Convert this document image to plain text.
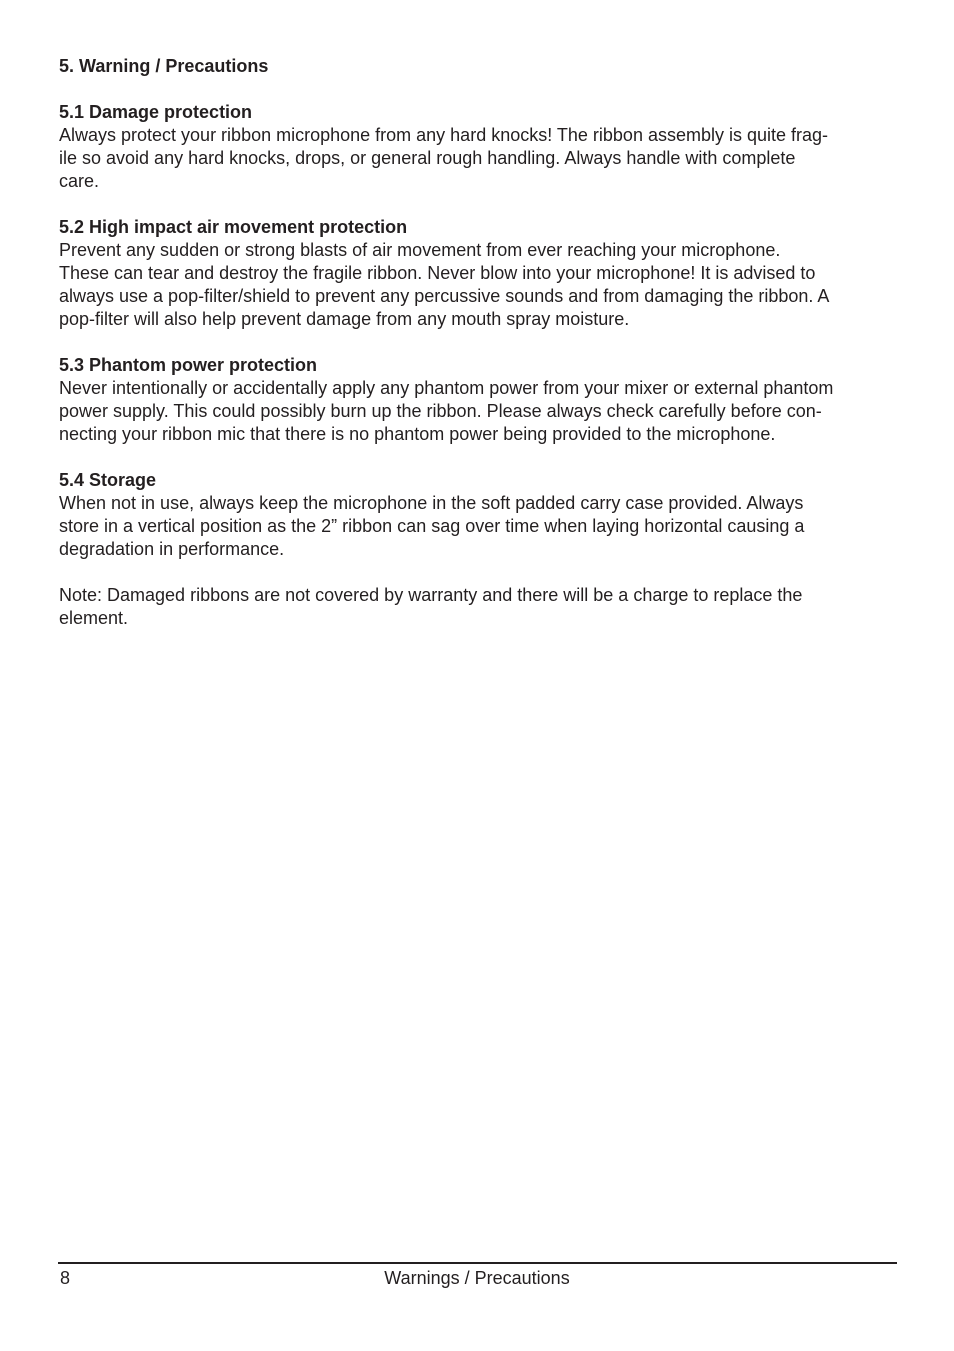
5. Warning / Precautions
5.1 Damage protection
Always protect your ribbon microphone from any hard knocks! The ribbon assembly is quite frag-
ile so avoid any hard knocks, drops, or general rough handling. Always handle with complete
care.
5.2 High impact air movement protection
Prevent any sudden or strong blasts of air movement from ever reaching your microphone.
These can tear and destroy the fragile ribbon. Never blow into your microphone! It is advised to
always use a pop-filter/shield to prevent any percussive sounds and from damaging the ribbon. A
pop-filter will also help prevent damage from any mouth spray moisture.
5.3 Phantom power protection
Never intentionally or accidentally apply any phantom power from your mixer or external phantom
power supply. This could possibly burn up the ribbon. Please always check carefully before con-
necting your ribbon mic that there is no phantom power being provided to the microphone.
5.4 Storage
When not in use, always keep the microphone in the soft padded carry case provided. Always
store in a vertical position as the 2” ribbon can sag over time when laying horizontal causing a
degradation in performance.
Note: Damaged ribbons are not covered by warranty and there will be a charge to replace the
element.
8	Warnings / Precautions
